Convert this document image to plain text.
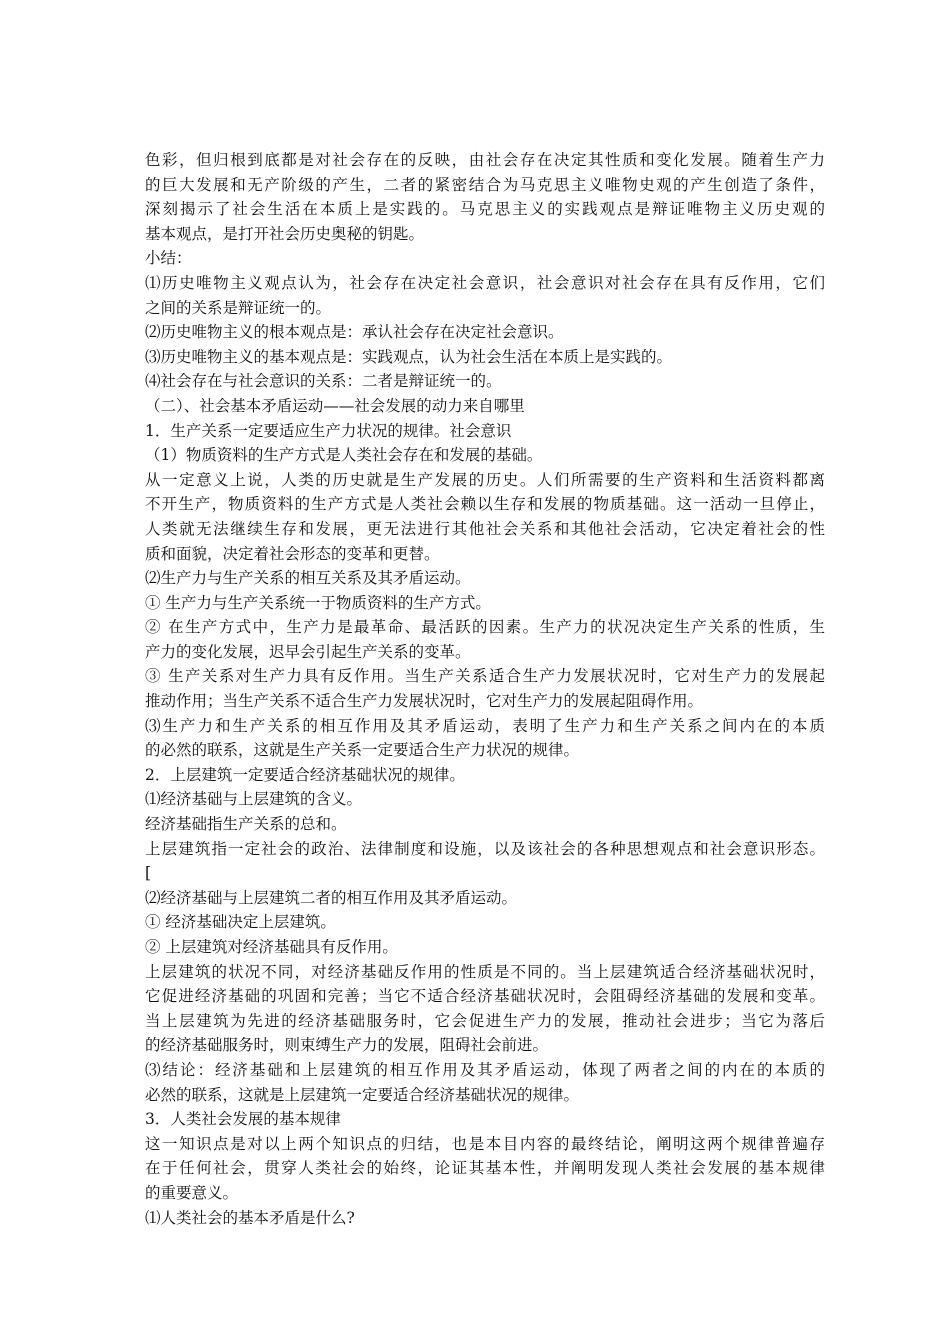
色彩，但归根到底都是对社会存在的反映，由社会存在决定其性质和变化发展。随着生产力
的巨大发展和无产阶级的产生，二者的紧密结合为马克思主义唯物史观的产生创造了条件，
深刻揭示了社会生活在本质上是实践的。马克思主义的实践观点是辩证唯物主义历史观的
基本观点，是打开社会历史奥秘的钥匙。
小结：
⑴历史唯物主义观点认为，社会存在决定社会意识，社会意识对社会存在具有反作用，它们
之间的关系是辩证统一的。
⑵历史唯物主义的根本观点是：承认社会存在决定社会意识。
⑶历史唯物主义的基本观点是：实践观点，认为社会生活在本质上是实践的。
⑷社会存在与社会意识的关系：二者是辩证统一的。
（二）、社会基本矛盾运动——社会发展的动力来自哪里
1．生产关系一定要适应生产力状况的规律。社会意识
（1）物质资料的生产方式是人类社会存在和发展的基础。
从一定意义上说，人类的历史就是生产发展的历史。人们所需要的生产资料和生活资料都离
不开生产，物质资料的生产方式是人类社会赖以生存和发展的物质基础。这一活动一旦停止，
人类就无法继续生存和发展，更无法进行其他社会关系和其他社会活动，它决定着社会的性
质和面貌，决定着社会形态的变革和更替。
⑵生产力与生产关系的相互关系及其矛盾运动。
① 生产力与生产关系统一于物质资料的生产方式。
② 在生产方式中，生产力是最革命、最活跃的因素。生产力的状况决定生产关系的性质，生
产力的变化发展，迟早会引起生产关系的变革。
③ 生产关系对生产力具有反作用。当生产关系适合生产力发展状况时，它对生产力的发展起
推动作用；当生产关系不适合生产力发展状况时，它对生产力的发展起阻碍作用。
⑶生产力和生产关系的相互作用及其矛盾运动，表明了生产力和生产关系之间内在的本质
的必然的联系，这就是生产关系一定要适合生产力状况的规律。
2．上层建筑一定要适合经济基础状况的规律。
⑴经济基础与上层建筑的含义。
经济基础指生产关系的总和。
上层建筑指一定社会的政治、法律制度和设施，以及该社会的各种思想观点和社会意识形态。
[
⑵经济基础与上层建筑二者的相互作用及其矛盾运动。
① 经济基础决定上层建筑。
② 上层建筑对经济基础具有反作用。
上层建筑的状况不同，对经济基础反作用的性质是不同的。当上层建筑适合经济基础状况时，
它促进经济基础的巩固和完善；当它不适合经济基础状况时，会阻碍经济基础的发展和变革。
当上层建筑为先进的经济基础服务时，它会促进生产力的发展，推动社会进步；当它为落后
的经济基础服务时，则束缚生产力的发展，阻碍社会前进。
⑶结论：经济基础和上层建筑的相互作用及其矛盾运动，体现了两者之间的内在的本质的
必然的联系，这就是上层建筑一定要适合经济基础状况的规律。
3．人类社会发展的基本规律
这一知识点是对以上两个知识点的归结，也是本目内容的最终结论，阐明这两个规律普遍存
在于任何社会，贯穿人类社会的始终，论证其基本性，并阐明发现人类社会发展的基本规律
的重要意义。
⑴人类社会的基本矛盾是什么?
